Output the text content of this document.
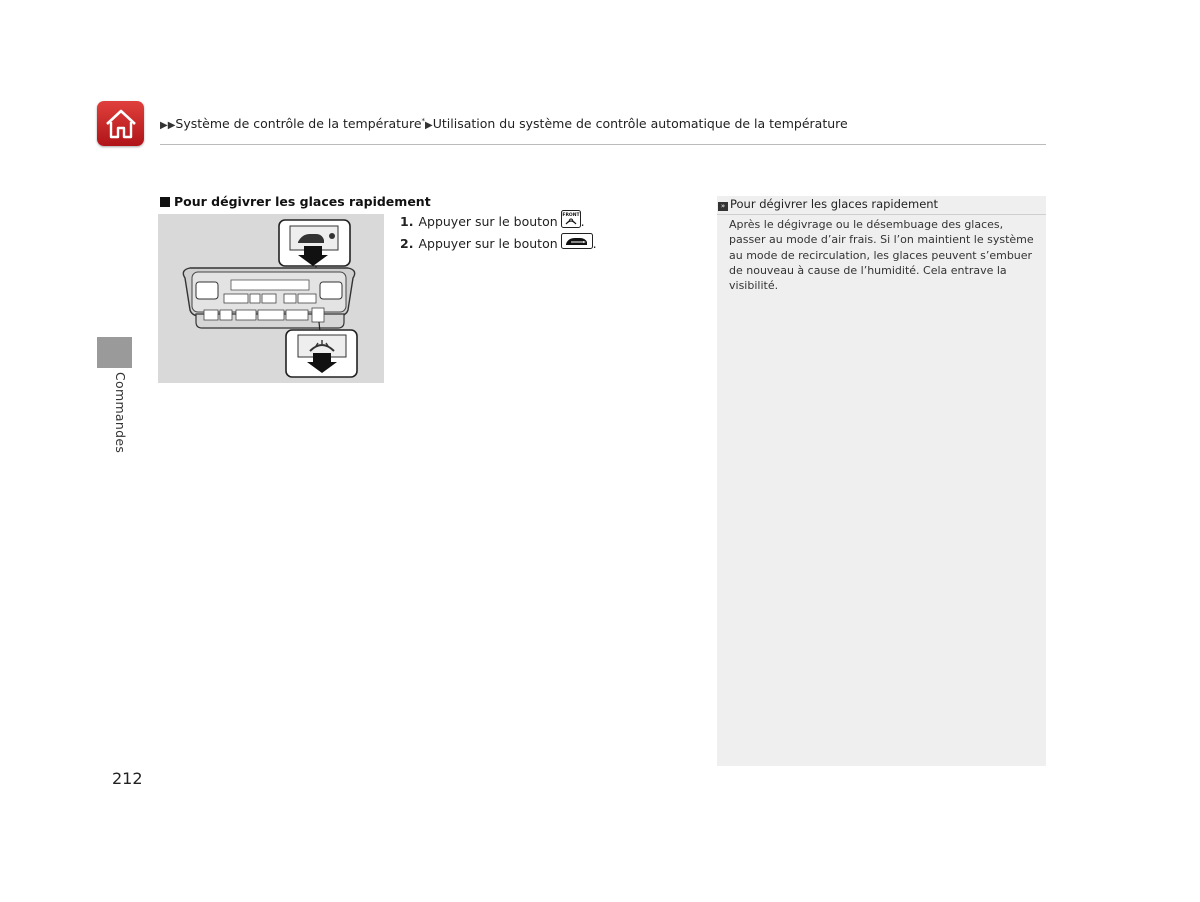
▶▶Système de contrôle de la température*▶Utilisation du système de contrôle automatique de la température
Commandes
Pour dégivrer les glaces rapidement
1. Appuyer sur le bouton FRONT .
2. Appuyer sur le bouton	.
» Pour dégivrer les glaces rapidement
Après le dégivrage ou le désembuage des glaces, passer au mode d’air frais. Si l’on maintient le système au mode de recirculation, les glaces peuvent s’embuer de nouveau à cause de l’humidité. Cela entrave la visibilité.
212
